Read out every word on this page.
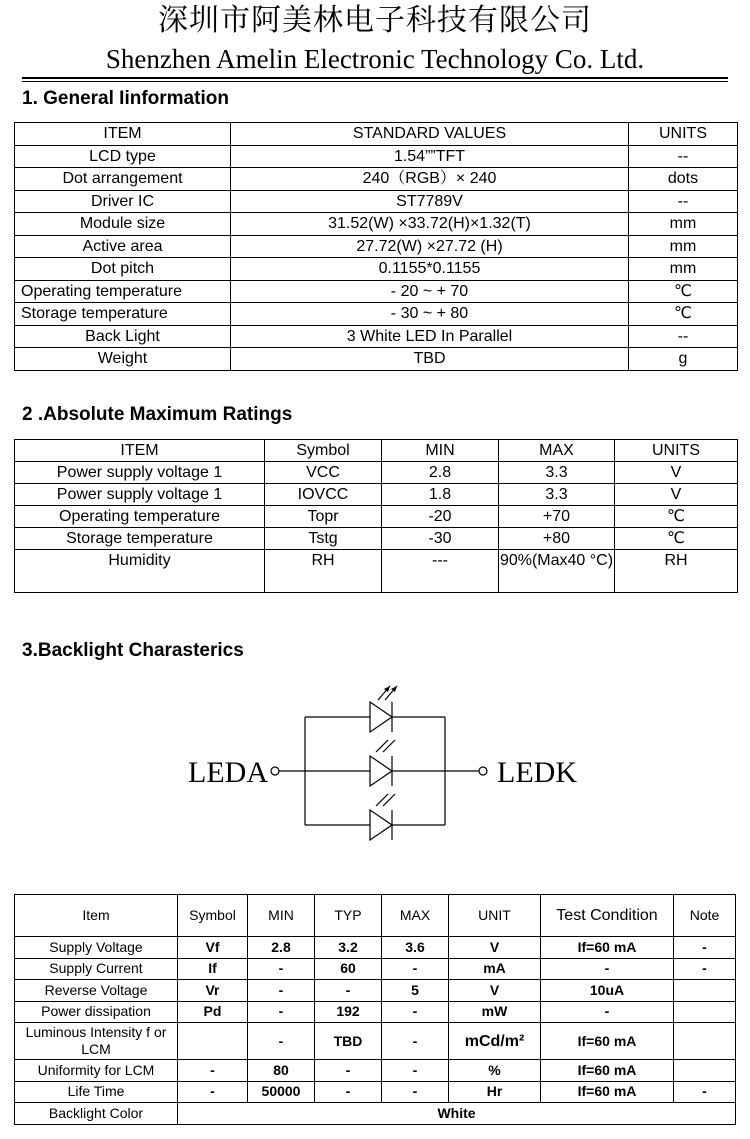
深圳市阿美林电子科技有限公司
Shenzhen Amelin Electronic Technology Co. Ltd.
1. General Iinformation
ITEM	STANDARD VALUES	UNITS
LCD type	1.54””TFT	--
Dot arrangement	240（RGB）× 240	dots
Driver IC	ST7789V	--
Module size	31.52(W) ×33.72(H)×1.32(T)	mm
Active area	27.72(W) ×27.72 (H)	mm
Dot pitch	0.1155*0.1155	mm
Operating temperature	- 20 ~ + 70	℃
Storage temperature	- 30 ~ + 80	℃
Back Light	3 White LED In Parallel	--
Weight	TBD	g
2 .Absolute Maximum Ratings
ITEM	Symbol	MIN	MAX	UNITS
Power supply voltage 1	VCC	2.8	3.3	V
Power supply voltage 1	IOVCC	1.8	3.3	V
Operating temperature	Topr	-20	+70	℃
Storage temperature	Tstg	-30	+80	℃
Humidity	RH	---	90%(Max40 °C)	RH
3.Backlight Charasterics
LEDA	LEDK
Item	Symbol	MIN	TYP	MAX	UNIT	Test Condition	Note
Supply Voltage	Vf	2.8	3.2	3.6	V	If=60 mA	-
Supply Current	If	-	60	-	mA	-	-
Reverse Voltage	Vr	-	-	5	V	10uA	
Power dissipation	Pd	-	192	-	mW	-	
Luminous Intensity f or LCM		-	TBD	-	mCd/m²	If=60 mA	
Uniformity for LCM	-	80	-	-	%	If=60 mA	
Life Time	-	50000	-	-	Hr	If=60 mA	-
Backlight Color	White						
